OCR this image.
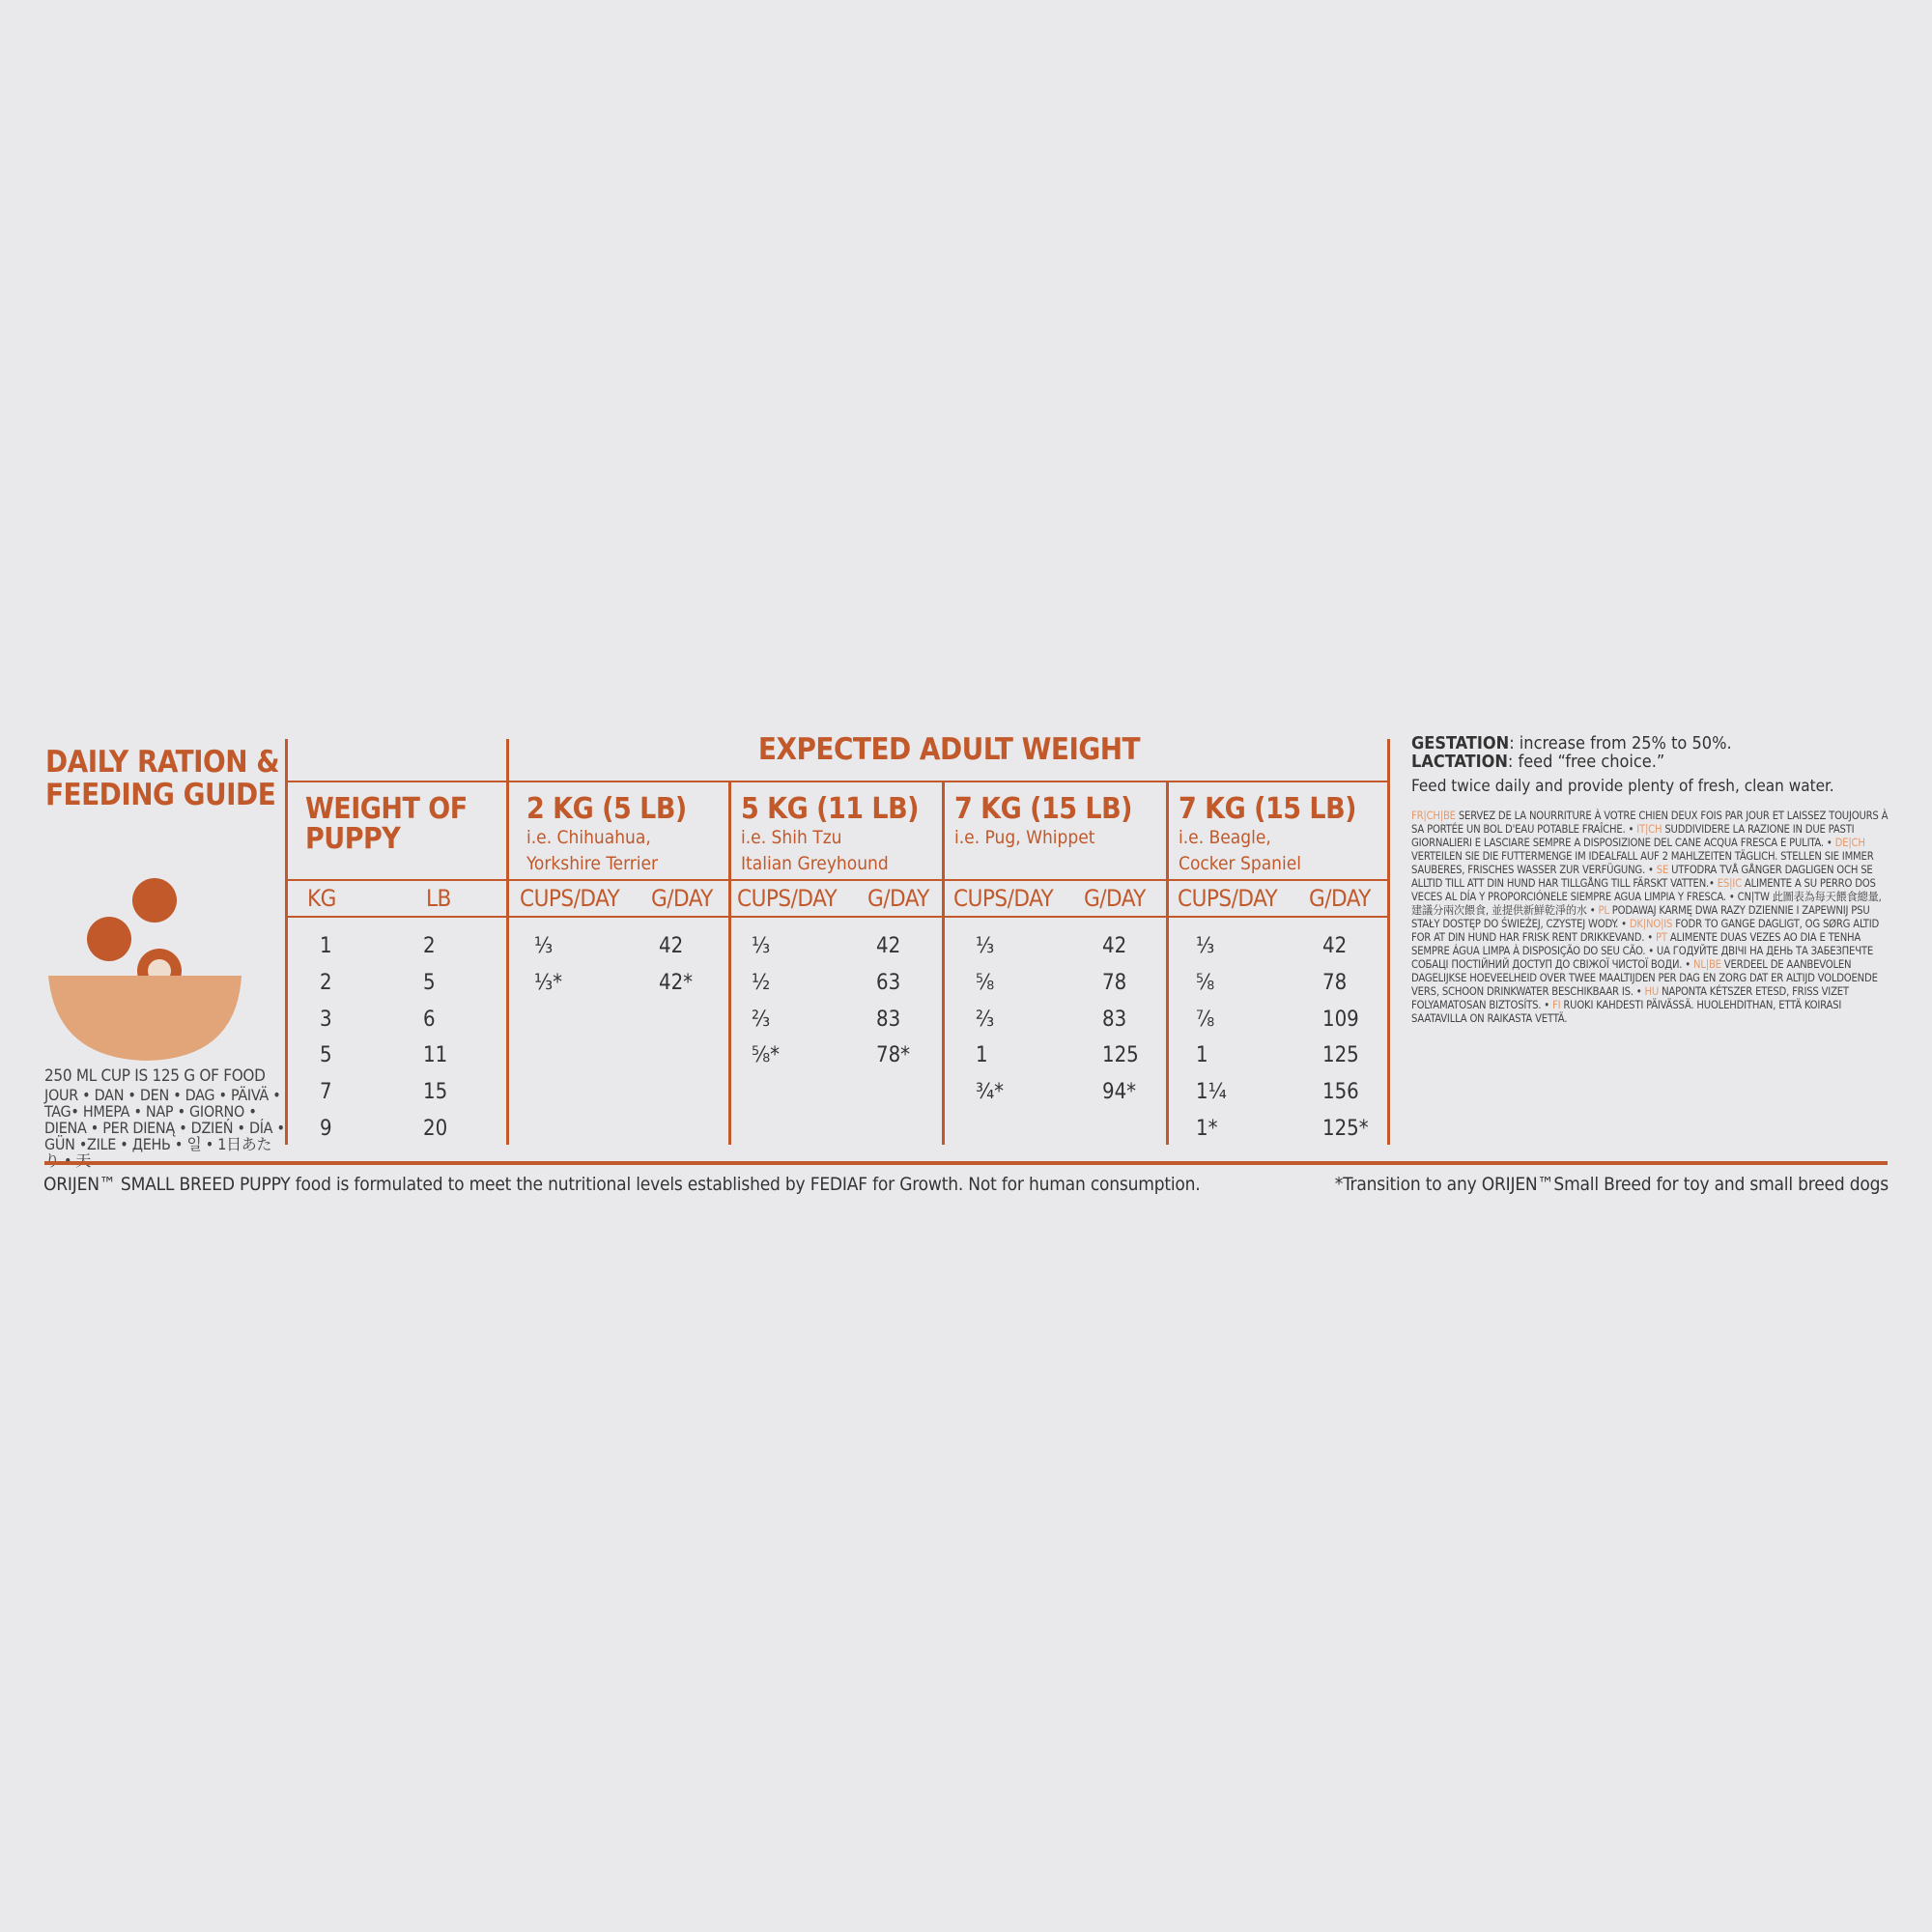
DAILY RATION & FEEDING GUIDE
250 ML CUP IS 125 G OF FOOD
JOUR • DAN • DEN • DAG • PÄIVÄ • TAG• HMEPA • NAP • GIORNO • DIENA • PER DIENĄ • DZIEŃ • DÍA • GÜN •ZILE • ДЕНЬ • 일 • 1日あた
EXPECTED ADULT WEIGHT
WEIGHT OF PUPPY
KG	LB
1
2
3
5
7
9
2
5
6
11
15
20
2 KG (5 LB)
i.e. Chihuahua,
Yorkshire Terrier
CUPS/DAY G/DAY
⅓
⅓*
42
42*
5 KG (11 LB)
i.e. Shih Tzu
Italian Greyhound
CUPS/DAY G/DAY
⅓
½
⅔
⅝*
42
63
83
78*
7 KG (15 LB)
i.e. Pug, Whippet
CUPS/DAY G/DAY
⅓
⅝
⅔
1
¾*
42
78
83
125
94*
7 KG (15 LB)
i.e. Beagle,
Cocker Spaniel
CUPS/DAY G/DAY
⅓
⅝
⅞
1
1¼
1*
42
78
109
125
156
125*
GESTATION: increase from 25% to 50%.
LACTATION: feed “free choice.”
Feed twice daily and provide plenty of fresh, clean water.
FR|CH|BE SERVEZ DE LA NOURRITURE À VOTRE CHIEN DEUX FOIS PAR JOUR ET LAISSEZ TOUJOURS À SA PORTÉE UN BOL D'EAU POTABLE FRAÎCHE. • IT|CH SUDDIVIDERE LA RAZIONE IN DUE PASTI GIORNALIERI E LASCIARE SEMPRE A DISPOSIZIONE DEL CANE ACQUA FRESCA E PULITA. • DE|CH VERTEILEN SIE DIE FUTTERMENGE IM IDEALFALL AUF 2 MAHLZEITEN TÄGLICH. STELLEN SIE IMMER SAUBERES, FRISCHES WASSER ZUR VERFÜGUNG. • SE UTFODRA TVÅ GÅNGER DAGLIGEN OCH SE ALLTID TILL ATT DIN HUND HAR TILLGÅNG TILL FÄRSKT VATTEN.• ES|IC ALIMENTE A SU PERRO DOS VECES AL DÍA Y PROPORCIÓNELE SIEMPRE AGUA LIMPIA Y FRESCA. • CN|TW 此圖表為每天餵食總量, 建議分兩次餵食, 並提供新鮮乾淨的水 • PL PODAWAJ KARMĘ DWA RAZY DZIENNIE I ZAPEWNIJ PSU STAŁY DOSTĘP DO ŚWIEŻEJ, CZYSTEJ WODY. • DK|NO|IS FODR TO GANGE DAGLIGT, OG SØRG ALTID FOR AT DIN HUND HAR FRISK RENT DRIKKEVAND. • PT ALIMENTE DUAS VEZES AO DIA E TENHA SEMPRE ÁGUA LIMPA À DISPOSIÇÃO DO SEU CÃO. • UA ГОДУЙТЕ ДВІЧІ НА ДЕНЬ ТА ЗАБЕЗПЕЧТЕ СОБАЦІ ПОСТІЙНИЙ ДОСТУП ДО СВІЖОЇ ЧИСТОЇ ВОДИ. • NL|BE VERDEEL DE AANBEVOLEN DAGELIJKSE HOEVEELHEID OVER TWEE MAALTIJDEN PER DAG EN ZORG DAT ER ALTIJD VOLDOENDE VERS, SCHOON DRINKWATER BESCHIKBAAR IS. • HU NAPONTA KÉTSZER ETESD, FRISS VIZET FOLYAMATOSAN BIZTOSÍTS. • FI RUOKI KAHDESTI PÄIVÄSSÄ. HUOLEHDITHAN, ETTÄ KOIRASI SAATAVILLA ON RAIKASTA VETTÄ.
ORIJEN™ SMALL BREED PUPPY food is formulated to meet the nutritional levels established by FEDIAF for Growth. Not for human consumption.	*Transition to any ORIJEN™Small Breed for toy and small breed dogs
